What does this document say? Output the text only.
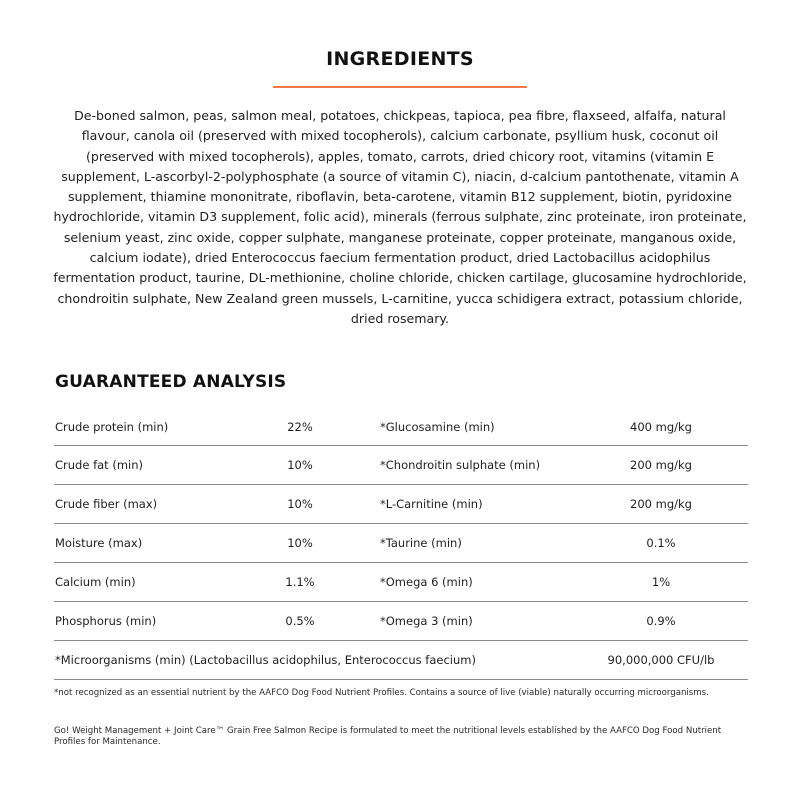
INGREDIENTS
De-boned salmon, peas, salmon meal, potatoes, chickpeas, tapioca, pea fibre, flaxseed, alfalfa, natural flavour, canola oil (preserved with mixed tocopherols), calcium carbonate, psyllium husk, coconut oil (preserved with mixed tocopherols), apples, tomato, carrots, dried chicory root, vitamins (vitamin E supplement, L-ascorbyl-2-polyphosphate (a source of vitamin C), niacin, d-calcium pantothenate, vitamin A supplement, thiamine mononitrate, riboflavin, beta-carotene, vitamin B12 supplement, biotin, pyridoxine hydrochloride, vitamin D3 supplement, folic acid), minerals (ferrous sulphate, zinc proteinate, iron proteinate, selenium yeast, zinc oxide, copper sulphate, manganese proteinate, copper proteinate, manganous oxide, calcium iodate), dried Enterococcus faecium fermentation product, dried Lactobacillus acidophilus fermentation product, taurine, DL-methionine, choline chloride, chicken cartilage, glucosamine hydrochloride, chondroitin sulphate, New Zealand green mussels, L-carnitine, yucca schidigera extract, potassium chloride, dried rosemary.
GUARANTEED ANALYSIS
Crude protein (min)	22%	*Glucosamine (min)	400 mg/kg
Crude fat (min)	10%	*Chondroitin sulphate (min)	200 mg/kg
Crude fiber (max)	10%	*L-Carnitine (min)	200 mg/kg
Moisture (max)	10%	*Taurine (min)	0.1%
Calcium (min)	1.1%	*Omega 6 (min)	1%
Phosphorus (min)	0.5%	*Omega 3 (min)	0.9%
*Microorganisms (min) (Lactobacillus acidophilus, Enterococcus faecium)	90,000,000 CFU/lb
*not recognized as an essential nutrient by the AAFCO Dog Food Nutrient Profiles. Contains a source of live (viable) naturally occurring microorganisms.
Go! Weight Management + Joint Care™ Grain Free Salmon Recipe is formulated to meet the nutritional levels established by the AAFCO Dog Food Nutrient Profiles for Maintenance.
